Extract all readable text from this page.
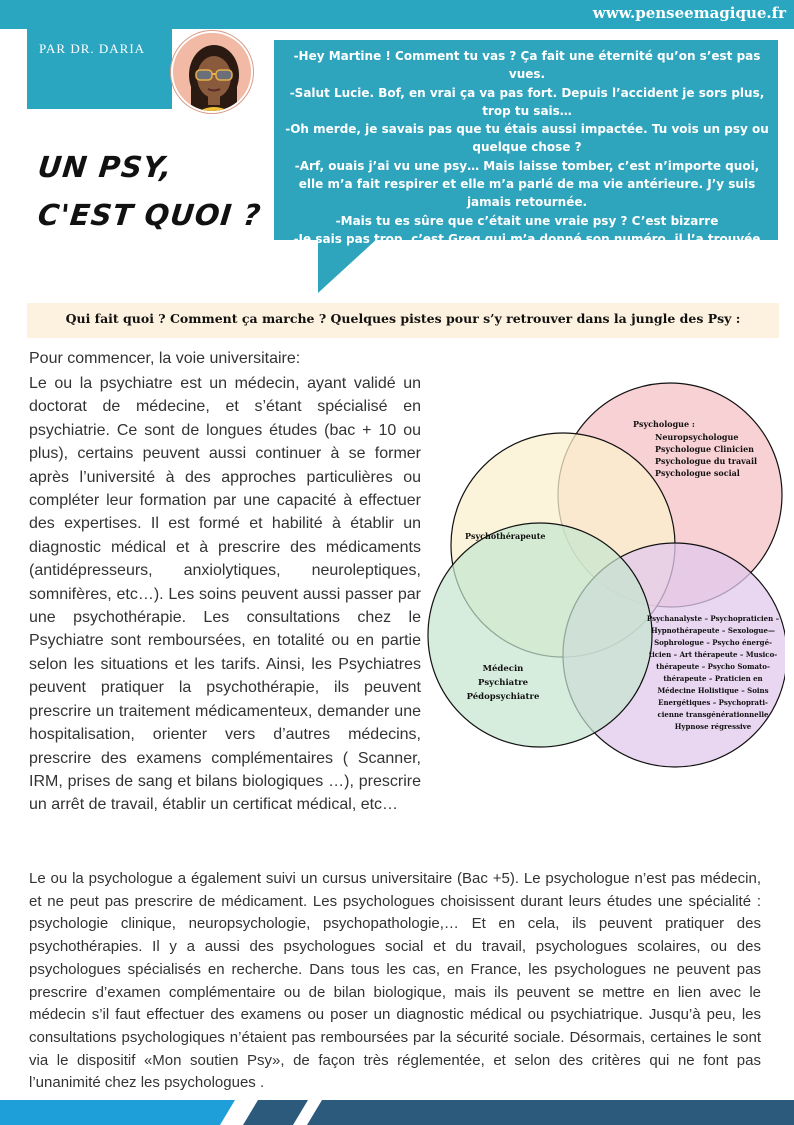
www.penseemagique.fr
PAR DR. DARIA
UN PSY,
C'EST QUOI ?

-Hey Martine ! Comment tu vas ? Ça fait une éternité qu’on s’est pas vues.

-Salut Lucie. Bof, en vrai ça va pas fort. Depuis l’accident je sors plus, trop tu sais…

-Oh merde, je savais pas que tu étais aussi impactée. Tu vois un psy ou quelque chose ?

-Arf, ouais j’ai vu une psy… Mais laisse tomber, c’est n’importe quoi, elle m’a fait respirer et elle m’a parlé de ma vie antérieure. J’y suis jamais retournée.

-Mais tu es sûre que c’était une vraie psy ? C’est bizarre

-Je sais pas trop, c’est Greg qui m’a donné son numéro, il l’a trouvée sur FB.

Qui fait quoi ? Comment ça marche ? Quelques pistes pour s’y retrouver dans la jungle des Psy :
Pour commencer, la voie universitaire:
Le ou la psychiatre est un médecin, ayant validé un doctorat de médecine, et s’étant spécialisé en psychiatrie. Ce sont de longues études (bac + 10 ou plus), certains peuvent aussi continuer à se former après l’université à des approches particulières ou compléter leur formation par une capacité à effectuer des expertises. Il est formé et habilité à établir un diagnostic médical et à prescrire des médicaments (antidépresseurs, anxiolytiques, neuroleptiques, somnifères, etc…). Les soins peuvent aussi passer par une psychothérapie. Les consultations chez le Psychiatre sont remboursées, en totalité ou en partie selon les situations et les tarifs. Ainsi, les Psychiatres peuvent pratiquer la psychothérapie, ils peuvent prescrire un traitement médicamenteux, demander une hospitalisation, orienter vers d’autres médecins, prescrire des examens complémentaires ( Scanner, IRM, prises de sang et bilans biologiques …), prescrire un arrêt de travail, établir un certificat médical, etc…
Psychologue :
Neuropsychologue
Psychologue Clinicien
Psychologue du travail
Psychologue social
Psychothérapeute
Médecin
Psychiatre
Pédopsychiatre
Psychanalyste – Psychopraticien –
Hypnothérapeute – Sexologue—
Sophrologue – Psycho énergé-
ticien – Art thérapeute – Musico-
thérapeute – Psycho Somato-
thérapeute – Praticien en
Médecine Holistique – Soins
Energétiques – Psychoprati-
cienne transgénérationnelle
Hypnose régressive
Le ou la psychologue a également suivi un cursus universitaire (Bac +5). Le psychologue n’est pas médecin, et ne peut pas prescrire de médicament. Les psychologues choisissent durant leurs études une spécialité : psychologie clinique, neuropsychologie, psychopathologie,… Et en cela, ils peuvent pratiquer des psychothérapies. Il y a aussi des psychologues social et du travail, psychologues scolaires, ou des psychologues spécialisés en recherche. Dans tous les cas, en France, les psychologues ne peuvent pas prescrire d’examen complémentaire ou de bilan biologique, mais ils peuvent se mettre en lien avec le médecin s’il faut effectuer des examens ou poser un diagnostic médical ou psychiatrique. Jusqu’à peu, les consultations psychologiques n’étaient pas remboursées par la sécurité sociale. Désormais, certaines le sont via le dispositif «Mon soutien Psy», de façon très réglementée, et selon des critères qui ne font pas l’unanimité chez les psychologues .
